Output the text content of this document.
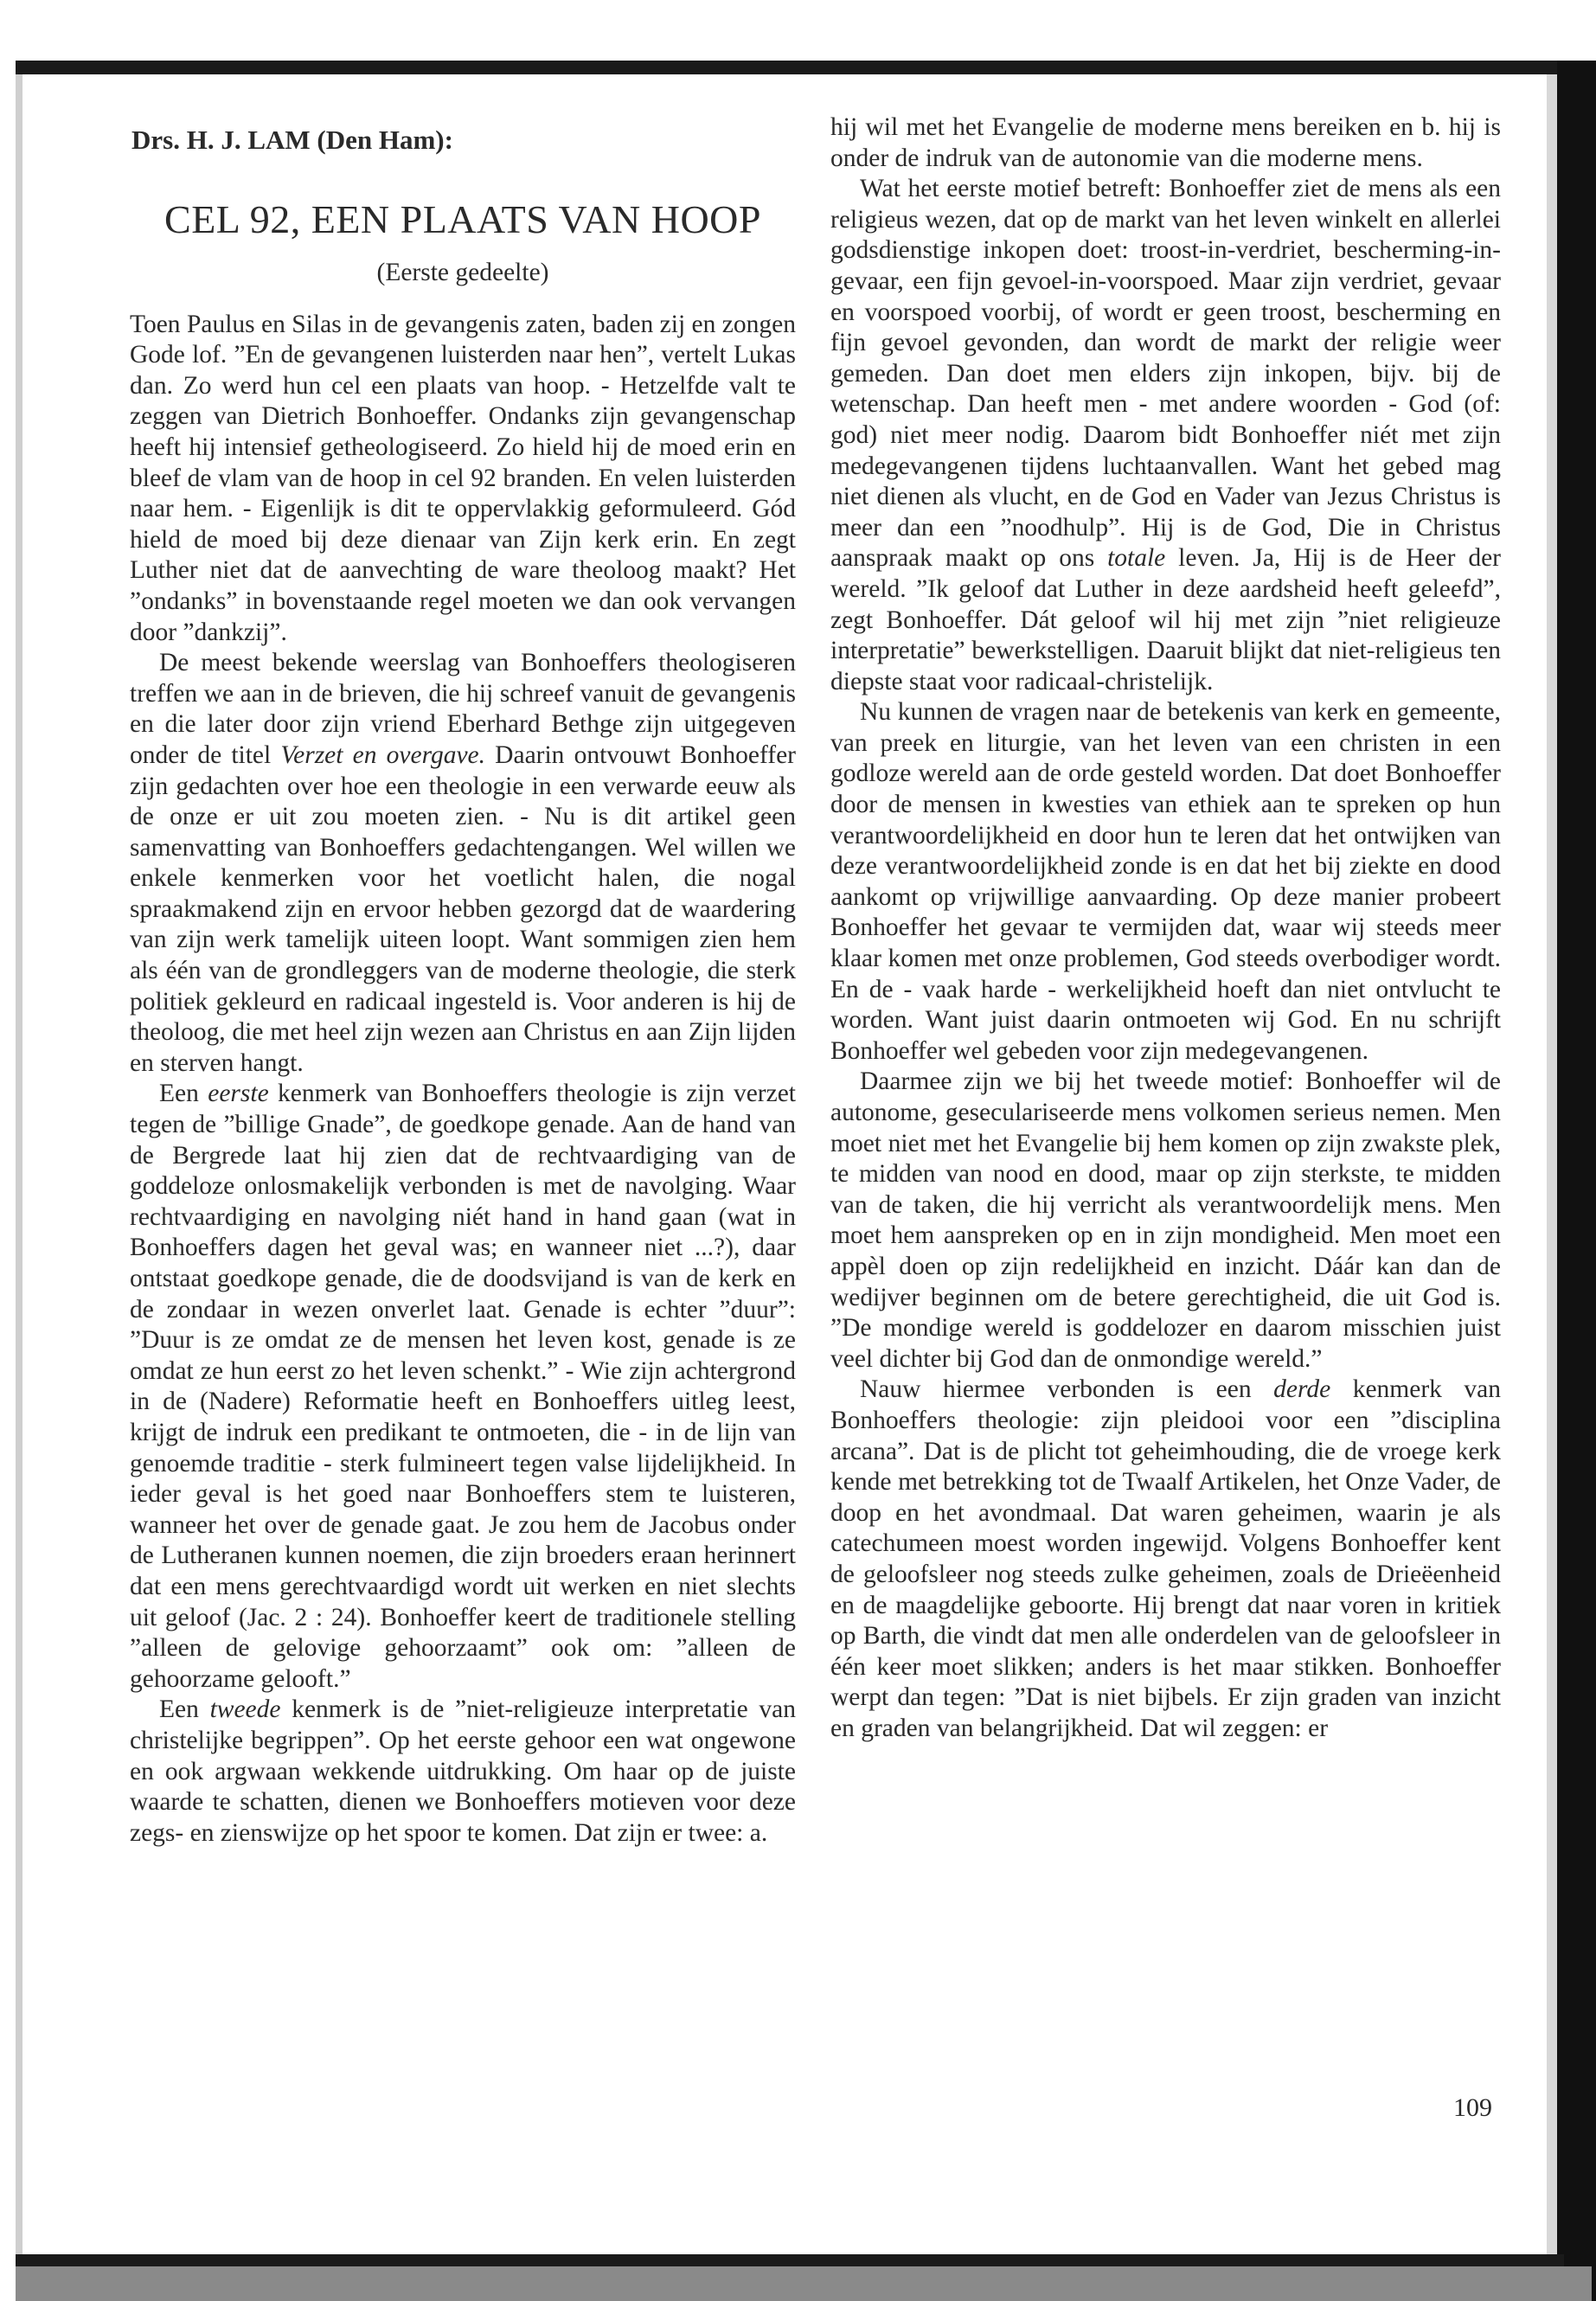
Drs. H. J. LAM (Den Ham):
CEL 92, EEN PLAATS VAN HOOP
(Eerste gedeelte)

Toen Paulus en Silas in de gevangenis zaten, baden zij en zongen Gode lof. ”En de gevangenen luisterden naar hen”, vertelt Lukas dan. Zo werd hun cel een plaats van hoop. - Hetzelfde valt te zeggen van Dietrich Bonhoeffer. Ondanks zijn gevangenschap heeft hij intensief getheologiseerd. Zo hield hij de moed erin en bleef de vlam van de hoop in cel 92 branden. En velen luisterden naar hem. - Eigenlijk is dit te oppervlakkig geformuleerd. Gód hield de moed bij deze dienaar van Zijn kerk erin. En zegt Luther niet dat de aanvechting de ware theoloog maakt? Het ”ondanks” in bovenstaande regel moeten we dan ook vervangen door ”dankzij”.

De meest bekende weerslag van Bonhoeffers theologiseren treffen we aan in de brieven, die hij schreef vanuit de gevangenis en die later door zijn vriend Eberhard Bethge zijn uitgegeven onder de titel Verzet en overgave. Daarin ontvouwt Bonhoeffer zijn gedachten over hoe een theologie in een verwarde eeuw als de onze er uit zou moeten zien. - Nu is dit artikel geen samenvatting van Bonhoeffers gedachtengangen. Wel willen we enkele kenmerken voor het voetlicht halen, die nogal spraakmakend zijn en ervoor hebben gezorgd dat de waardering van zijn werk tamelijk uiteen loopt. Want sommigen zien hem als één van de grondleggers van de moderne theologie, die sterk politiek gekleurd en radicaal ingesteld is. Voor anderen is hij de theoloog, die met heel zijn wezen aan Christus en aan Zijn lijden en sterven hangt.

Een eerste kenmerk van Bonhoeffers theologie is zijn verzet tegen de ”billige Gnade”, de goedkope genade. Aan de hand van de Bergrede laat hij zien dat de rechtvaardiging van de goddeloze onlosmakelijk verbonden is met de navolging. Waar rechtvaardiging en navolging niét hand in hand gaan (wat in Bonhoeffers dagen het geval was; en wanneer niet ...?), daar ontstaat goedkope genade, die de doodsvijand is van de kerk en de zondaar in wezen onverlet laat. Genade is echter ”duur”: ”Duur is ze omdat ze de mensen het leven kost, genade is ze omdat ze hun eerst zo het leven schenkt.” - Wie zijn achtergrond in de (Nadere) Reformatie heeft en Bonhoeffers uitleg leest, krijgt de indruk een predikant te ontmoeten, die - in de lijn van genoemde traditie - sterk fulmineert tegen valse lijdelijkheid. In ieder geval is het goed naar Bonhoeffers stem te luisteren, wanneer het over de genade gaat. Je zou hem de Jacobus onder de Lutheranen kunnen noemen, die zijn broeders eraan herinnert dat een mens gerechtvaardigd wordt uit werken en niet slechts uit geloof (Jac. 2 : 24). Bonhoeffer keert de traditionele stelling ”alleen de gelovige gehoorzaamt” ook om: ”alleen de gehoorzame gelooft.”

Een tweede kenmerk is de ”niet-religieuze interpretatie van christelijke begrippen”. Op het eerste gehoor een wat ongewone en ook argwaan wekkende uitdrukking. Om haar op de juiste waarde te schatten, dienen we Bonhoeffers motieven voor deze zegs- en zienswijze op het spoor te komen. Dat zijn er twee: a.

hij wil met het Evangelie de moderne mens bereiken en b. hij is onder de indruk van de autonomie van die moderne mens.

Wat het eerste motief betreft: Bonhoeffer ziet de mens als een religieus wezen, dat op de markt van het leven winkelt en allerlei godsdienstige inkopen doet: troost-in-verdriet, bescherming-in-gevaar, een fijn gevoel-in-voorspoed. Maar zijn verdriet, gevaar en voorspoed voorbij, of wordt er geen troost, bescherming en fijn gevoel gevonden, dan wordt de markt der religie weer gemeden. Dan doet men elders zijn inkopen, bijv. bij de wetenschap. Dan heeft men - met andere woorden - God (of: god) niet meer nodig. Daarom bidt Bonhoeffer niét met zijn medegevangenen tijdens luchtaanvallen. Want het gebed mag niet dienen als vlucht, en de God en Vader van Jezus Christus is meer dan een ”noodhulp”. Hij is de God, Die in Christus aanspraak maakt op ons totale leven. Ja, Hij is de Heer der wereld. ”Ik geloof dat Luther in deze aardsheid heeft geleefd”, zegt Bonhoeffer. Dát geloof wil hij met zijn ”niet religieuze interpretatie” bewerkstelligen. Daaruit blijkt dat niet-religieus ten diepste staat voor radicaal-christelijk.

Nu kunnen de vragen naar de betekenis van kerk en gemeente, van preek en liturgie, van het leven van een christen in een godloze wereld aan de orde gesteld worden. Dat doet Bonhoeffer door de mensen in kwesties van ethiek aan te spreken op hun verantwoordelijkheid en door hun te leren dat het ontwijken van deze verantwoordelijkheid zonde is en dat het bij ziekte en dood aankomt op vrijwillige aanvaarding. Op deze manier probeert Bonhoeffer het gevaar te vermijden dat, waar wij steeds meer klaar komen met onze problemen, God steeds overbodiger wordt. En de - vaak harde - werkelijkheid hoeft dan niet ontvlucht te worden. Want juist daarin ontmoeten wij God. En nu schrijft Bonhoeffer wel gebeden voor zijn medegevangenen.

Daarmee zijn we bij het tweede motief: Bonhoeffer wil de autonome, geseculariseerde mens volkomen serieus nemen. Men moet niet met het Evangelie bij hem komen op zijn zwakste plek, te midden van nood en dood, maar op zijn sterkste, te midden van de taken, die hij verricht als verantwoordelijk mens. Men moet hem aanspreken op en in zijn mondigheid. Men moet een appèl doen op zijn redelijkheid en inzicht. Dáár kan dan de wedijver beginnen om de betere gerechtigheid, die uit God is. ”De mondige wereld is goddelozer en daarom misschien juist veel dichter bij God dan de onmondige wereld.”

Nauw hiermee verbonden is een derde kenmerk van Bonhoeffers theologie: zijn pleidooi voor een ”disciplina arcana”. Dat is de plicht tot geheimhouding, die de vroege kerk kende met betrekking tot de Twaalf Artikelen, het Onze Vader, de doop en het avondmaal. Dat waren geheimen, waarin je als catechumeen moest worden ingewijd. Volgens Bonhoeffer kent de geloofsleer nog steeds zulke geheimen, zoals de Drieëenheid en de maagdelijke geboorte. Hij brengt dat naar voren in kritiek op Barth, die vindt dat men alle onderdelen van de geloofsleer in één keer moet slikken; anders is het maar stikken. Bonhoeffer werpt dan tegen: ”Dat is niet bijbels. Er zijn graden van inzicht en graden van belangrijkheid. Dat wil zeggen: er

109
